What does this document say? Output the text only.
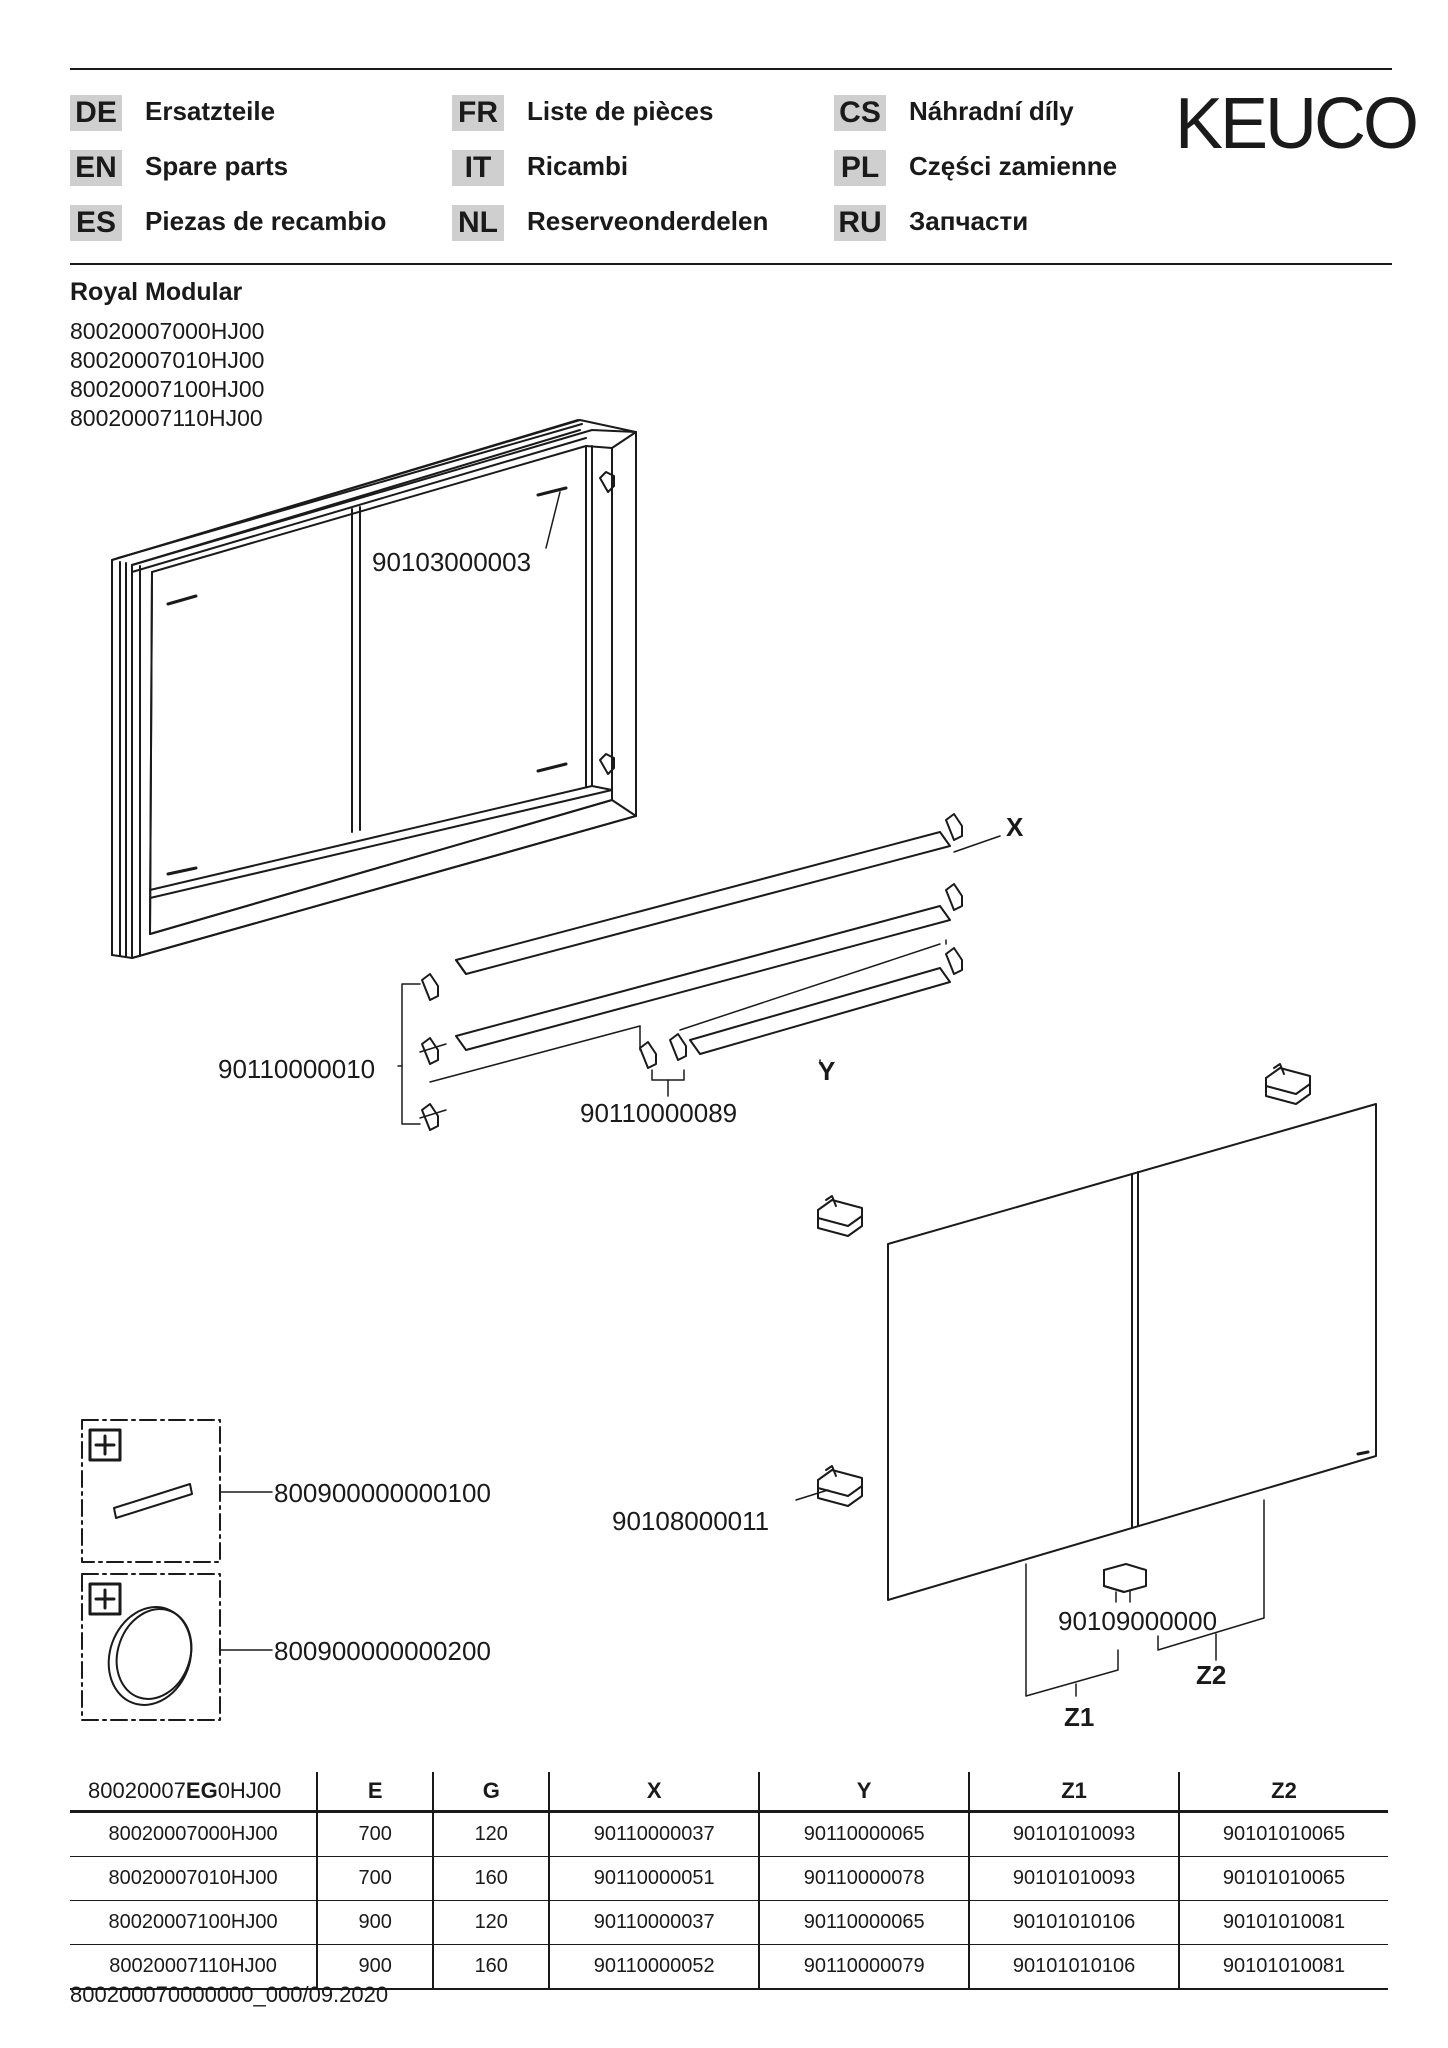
DE Ersatzteile
EN Spare parts
ES Piezas de recambio
FR Liste de pièces
IT	Ricambi
NL Reserveonderdelen
CS Náhradní díly
PL Części zamienne
RU Запчасти
KEUCO
Royal Modular
80020007000HJ00
80020007010HJ00
80020007100HJ00
80020007110HJ00
90103000003
X
90110000010
90110000089
Y
800900000000100
800900000000200
90108000011
90109000000
Z2
Z1
80020007EG0HJ00	E	G	X	Y	Z1	Z2
80020007000HJ00	700	120	90110000037	90110000065	90101010093	90101010065
80020007010HJ00	700	160	90110000051	90110000078	90101010093	90101010065
80020007100HJ00	900	120	90110000037	90110000065	90101010106	90101010081
80020007110HJ00	900	160	90110000052	90110000079	90101010106	90101010081
800200070000000_000/09.2020
